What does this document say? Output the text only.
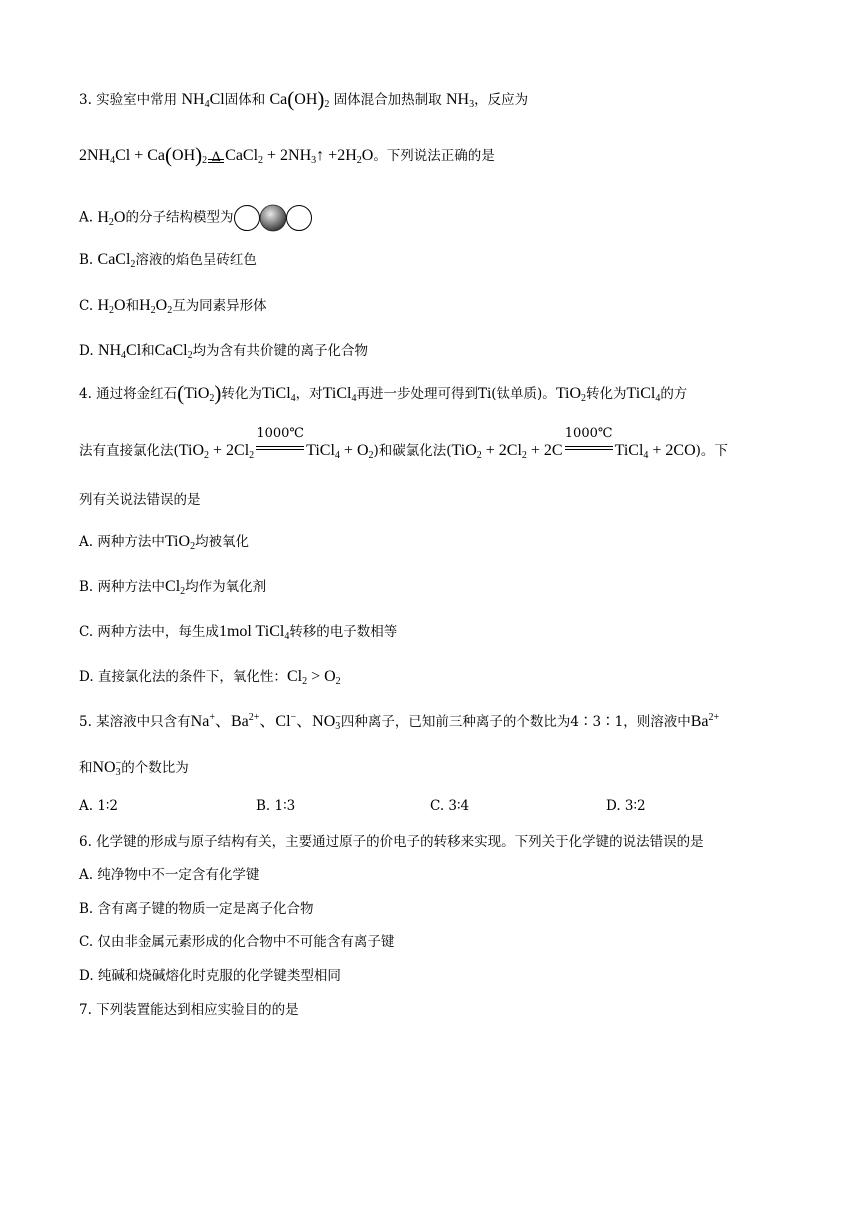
3. 实验室中常用 $NH_4Cl$固体和 $Ca(OH)_2$ 固体混合加热制取 $NH_3$，反应为
$2NH_4Cl + Ca(OH)_2$ Δ CaCl$_2$ + $2NH_3↑ +2H_2O$。下列说法正确的是
A. $H_2O$的分子结构模型为
B. CaCl$_2$溶液的焰色呈砖红色
C. $H_2O$和$H_2O_2$互为同素异形体
D. $NH_4Cl$和CaCl$_2$均为含有共价键的离子化合物
4. 通过将金红石(TiO$_2$)转化为TiCl$_4$，对TiCl$_4$再进一步处理可得到Ti(钛单质)。TiO$_2$转化为TiCl$_4$的方
法有直接氯化法($TiO_2 + 2Cl_2$
1000℃
TiCl$_4$ + $O_2$)和碳氯化法($TiO_2 + 2Cl_2 + 2C$
1000℃
TiCl$_4$ + 2CO)。下
列有关说法错误的是
A. 两种方法中TiO$_2$均被氧化
B. 两种方法中$Cl_2$均作为氧化剂
C. 两种方法中，每生成1mol TiCl$_4$转移的电子数相等
D. 直接氯化法的条件下，氧化性：$Cl_2 > O_2$
5. 某溶液中只含有Na+、$Ba^{2+}$、Cl−、$NO_3^-$四种离子，已知前三种离子的个数比为4∶3∶1，则溶液中$Ba^{2+}$
和$NO_3^-$的个数比为
A. 1∶2	B. 1∶3	C. 3∶4	D. 3∶2
6. 化学键的形成与原子结构有关，主要通过原子的价电子的转移来实现。下列关于化学键的说法错误的是
A. 纯净物中不一定含有化学键
B. 含有离子键的物质一定是离子化合物
C. 仅由非金属元素形成的化合物中不可能含有离子键
D. 纯碱和烧碱熔化时克服的化学键类型相同
7. 下列装置能达到相应实验目的的是
